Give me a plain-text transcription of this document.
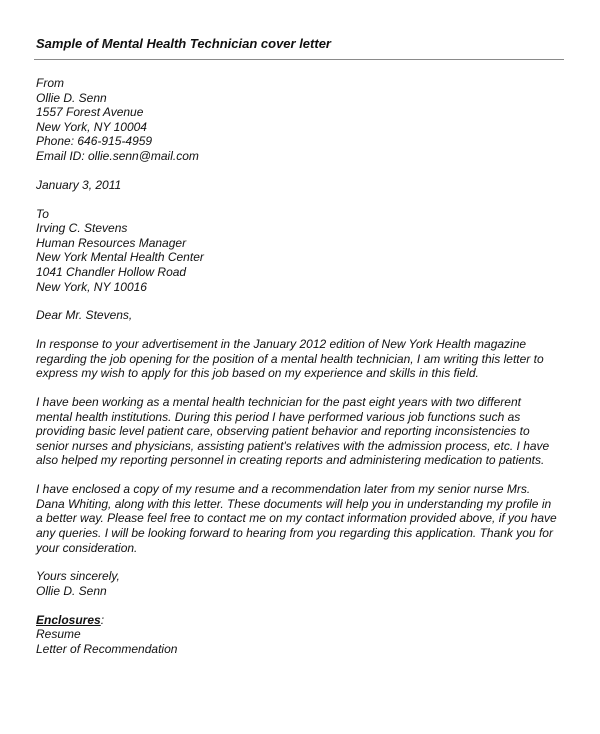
Sample of Mental Health Technician cover letter
From
Ollie D. Senn
1557 Forest Avenue
New York, NY 10004
Phone: 646-915-4959
Email ID: ollie.senn@mail.com
January 3, 2011
To
Irving C. Stevens
Human Resources Manager
New York Mental Health Center
1041 Chandler Hollow Road
New York, NY 10016
Dear Mr. Stevens,
In response to your advertisement in the January 2012 edition of New York Health magazine
regarding the job opening for the position of a mental health technician, I am writing this letter to
express my wish to apply for this job based on my experience and skills in this field.
I have been working as a mental health technician for the past eight years with two different
mental health institutions. During this period I have performed various job functions such as
providing basic level patient care, observing patient behavior and reporting inconsistencies to
senior nurses and physicians, assisting patient's relatives with the admission process, etc. I have
also helped my reporting personnel in creating reports and administering medication to patients.
I have enclosed a copy of my resume and a recommendation later from my senior nurse Mrs.
Dana Whiting, along with this letter. These documents will help you in understanding my profile in
a better way. Please feel free to contact me on my contact information provided above, if you have
any queries. I will be looking forward to hearing from you regarding this application. Thank you for
your consideration.
Yours sincerely,
Ollie D. Senn
Enclosures:
Resume
Letter of Recommendation
